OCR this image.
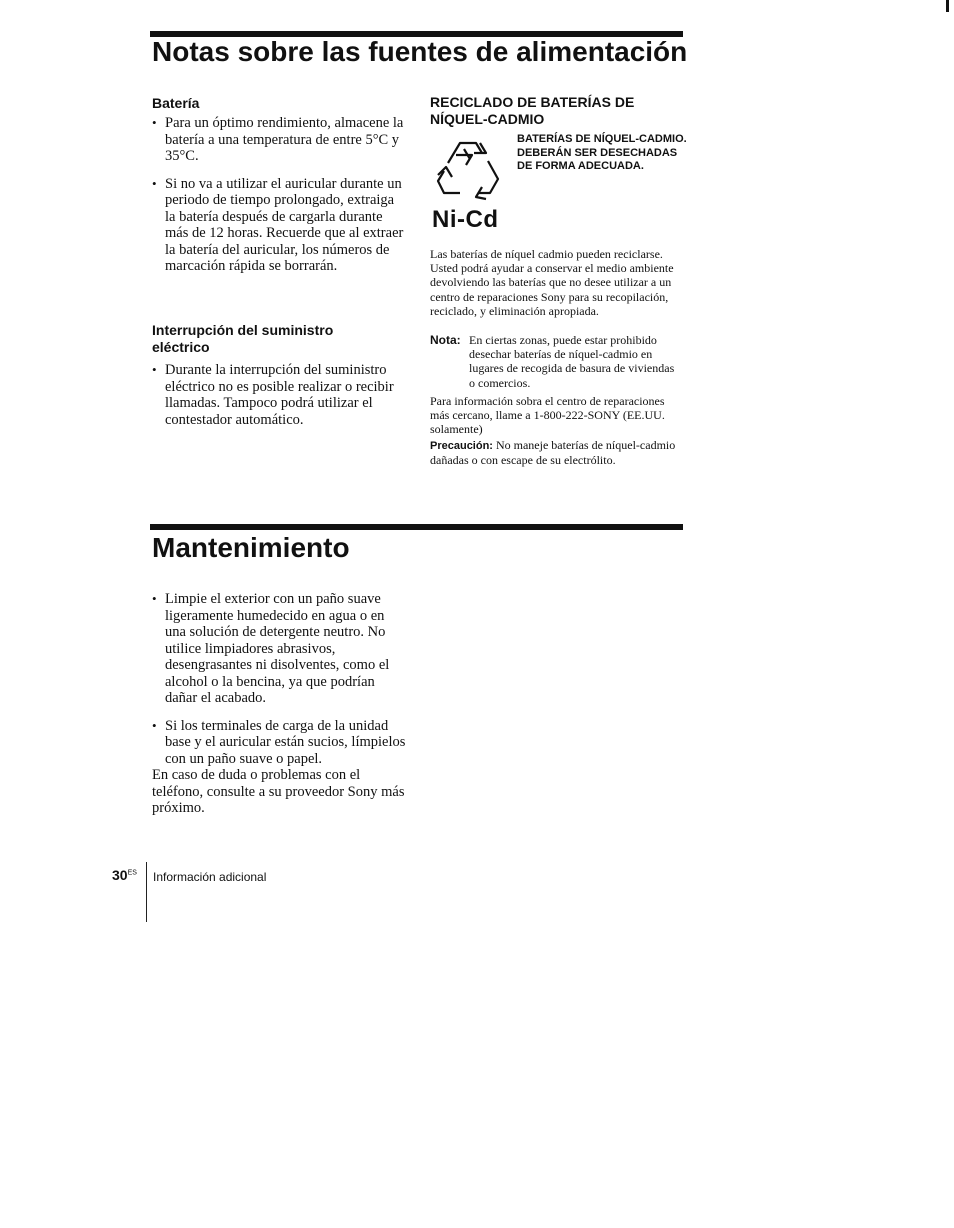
Notas sobre las fuentes de alimentación
Batería
• Para un óptimo rendimiento, almacene la batería a una temperatura de entre 5°C y 35°C.
• Si no va a utilizar el auricular durante un periodo de tiempo prolongado, extraiga la batería después de cargarla durante más de 12 horas. Recuerde que al extraer la batería del auricular, los números de marcación rápida se borrarán.
Interrupción del suministro eléctrico
• Durante la interrupción del suministro eléctrico no es posible realizar o recibir llamadas. Tampoco podrá utilizar el contestador automático.
RECICLADO DE BATERÍAS DE NÍQUEL-CADMIO

BATERÍAS DE NÍQUEL-CADMIO. DEBERÁN SER DESECHADAS DE FORMA ADECUADA.

Ni-Cd

Las baterías de níquel cadmio pueden reciclarse. Usted podrá ayudar a conservar el medio ambiente devolviendo las baterías que no desee utilizar a un centro de reparaciones Sony para su recopilación, reciclado, y eliminación apropiada.

Nota: En ciertas zonas, puede estar prohibido desechar baterías de níquel-cadmio en lugares de recogida de basura de viviendas o comercios.

Para información sobra el centro de reparaciones más cercano, llame a 1-800-222-SONY (EE.UU. solamente)

Precaución: No maneje baterías de níquel-cadmio dañadas o con escape de su electrólito.

Mantenimiento
• Limpie el exterior con un paño suave ligeramente humedecido en agua o en una solución de detergente neutro. No utilice limpiadores abrasivos, desengrasantes ni disolventes, como el alcohol o la bencina, ya que podrían dañar el acabado.
• Si los terminales de carga de la unidad base y el auricular están sucios, límpielos con un paño suave o papel.

En caso de duda o problemas con el teléfono, consulte a su proveedor Sony más próximo.

$30^{ES}$ Información adicional
